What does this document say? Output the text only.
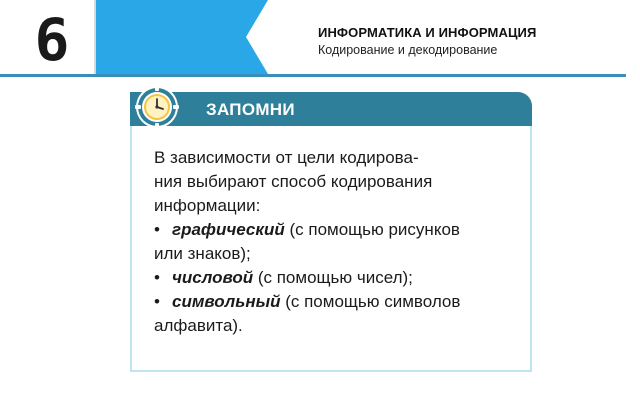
6	ИНФОРМАТИКА И ИНФОРМАЦИЯ
Кодирование и декодирование
ЗАПОМНИ

В зависимости от цели кодирова-

ния выбирают способ кодирования

информации:

• графический (с помощью рисунков

или знаков);

• числовой (с помощью чисел);
• символьный (с помощью символов

алфавита).
